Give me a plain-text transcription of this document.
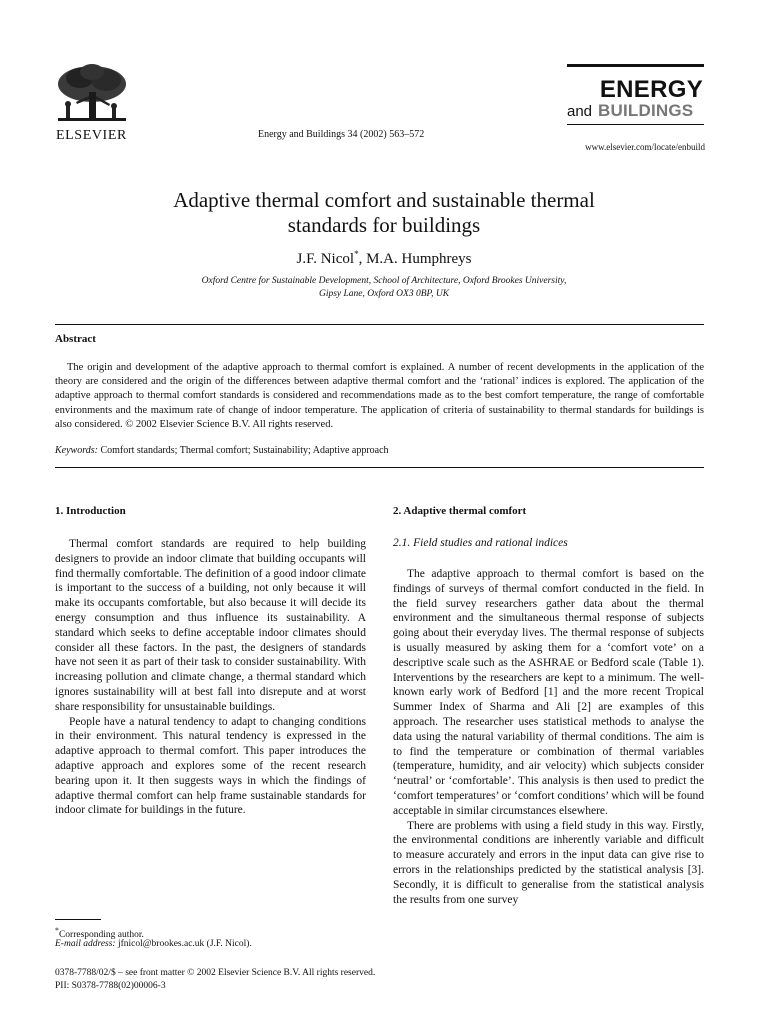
ELSEVIER	Energy and Buildings 34 (2002) 563–572
ENERGY
and BUILDINGS
www.elsevier.com/locate/enbuild
Adaptive thermal comfort and sustainable thermal
standards for buildings
J.F. Nicol*, M.A. Humphreys
Oxford Centre for Sustainable Development, School of Architecture, Oxford Brookes University,
Gipsy Lane, Oxford OX3 0BP, UK
Abstract
The origin and development of the adaptive approach to thermal comfort is explained. A number of recent developments in the application of the theory are considered and the origin of the differences between adaptive thermal comfort and the ‘rational’ indices is explored. The application of the adaptive approach to thermal comfort standards is considered and recommendations made as to the best comfort temperature, the range of comfortable environments and the maximum rate of change of indoor temperature. The application of criteria of sustainability to thermal standards for buildings is also considered. © 2002 Elsevier Science B.V. All rights reserved.
Keywords: Comfort standards; Thermal comfort; Sustainability; Adaptive approach
1. Introduction

Thermal comfort standards are required to help building designers to provide an indoor climate that building occupants will find thermally comfortable. The definition of a good indoor climate is important to the success of a building, not only because it will make its occupants comfortable, but also because it will decide its energy consumption and thus influence its sustainability. A standard which seeks to define acceptable indoor climates should consider all these factors. In the past, the designers of standards have not seen it as part of their task to consider sustainability. With increasing pollution and climate change, a thermal standard which ignores sustainability will at best fall into disrepute and at worst share responsibility for unsustainable buildings.

People have a natural tendency to adapt to changing conditions in their environment. This natural tendency is expressed in the adaptive approach to thermal comfort. This paper introduces the adaptive approach and explores some of the recent research bearing upon it. It then suggests ways in which the findings of adaptive thermal comfort can help frame sustainable standards for indoor climate for buildings in the future.

2. Adaptive thermal comfort
2.1. Field studies and rational indices

The adaptive approach to thermal comfort is based on the findings of surveys of thermal comfort conducted in the field. In the field survey researchers gather data about the thermal environment and the simultaneous thermal response of subjects going about their everyday lives. The thermal response of subjects is usually measured by asking them for a ‘comfort vote’ on a descriptive scale such as the ASHRAE or Bedford scale (Table 1). Interventions by the researchers are kept to a minimum. The well-known early work of Bedford [1] and the more recent Tropical Summer Index of Sharma and Ali [2] are examples of this approach. The researcher uses statistical methods to analyse the data using the natural variability of thermal conditions. The aim is to find the temperature or combination of thermal variables (temperature, humidity, and air velocity) which subjects consider ‘neutral’ or ‘comfortable’. This analysis is then used to predict the ‘comfort temperatures’ or ‘comfort conditions’ which will be found acceptable in similar circumstances elsewhere.

There are problems with using a field study in this way. Firstly, the environmental conditions are inherently variable and difficult to measure accurately and errors in the input data can give rise to errors in the relationships predicted by the statistical analysis [3]. Secondly, it is difficult to generalise from the statistical analysis the results from one survey

*Corresponding author.
E-mail address: jfnicol@brookes.ac.uk (J.F. Nicol).
0378-7788/02/$ – see front matter © 2002 Elsevier Science B.V. All rights reserved.
PII: S0378-7788(02)00006-3
